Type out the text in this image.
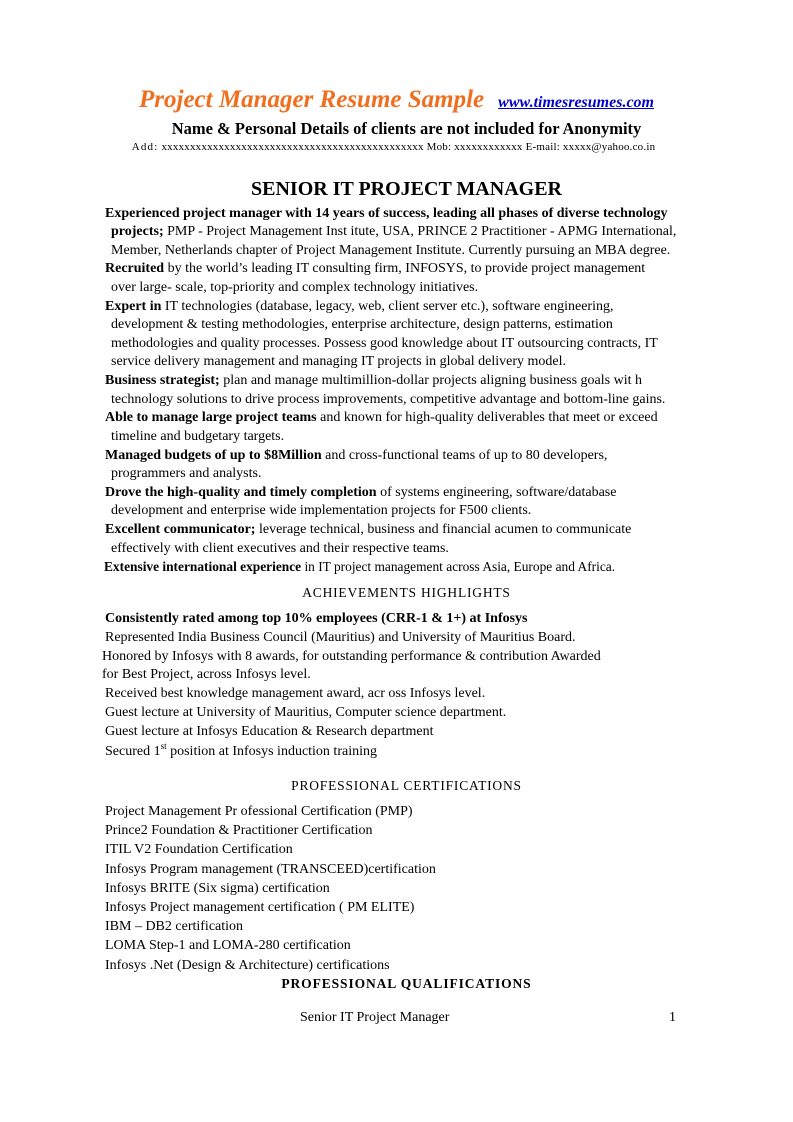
Project Manager Resume Sample www.timesresumes.com
Name & Personal Details of clients are not included for Anonymity
Add: xxxxxxxxxxxxxxxxxxxxxxxxxxxxxxxxxxxxxxxxxxxxxx Mob: xxxxxxxxxxxx E-mail: xxxxx@yahoo.co.in
SENIOR IT PROJECT MANAGER
Experienced project manager with 14 years of success, leading all phases of diverse technology
projects; PMP - Project Management Inst itute, USA, PRINCE 2 Practitioner - APMG International,
Member, Netherlands chapter of Project Management Institute. Currently pursuing an MBA degree.
Recruited by the world’s leading IT consulting firm, INFOSYS, to provide project management
over large- scale, top-priority and complex technology initiatives.
Expert in IT technologies (database, legacy, web, client server etc.), software engineering,
development & testing methodologies, enterprise architecture, design patterns, estimation
methodologies and quality processes. Possess good knowledge about IT outsourcing contracts, IT
service delivery management and managing IT projects in global delivery model.
Business strategist; plan and manage multimillion-dollar projects aligning business goals wit h
technology solutions to drive process improvements, competitive advantage and bottom-line gains.
Able to manage large project teams and known for high-quality deliverables that meet or exceed
timeline and budgetary targets.
Managed budgets of up to $8Million and cross-functional teams of up to 80 developers,
programmers and analysts.
Drove the high-quality and timely completion of systems engineering, software/database
development and enterprise wide implementation projects for F500 clients.
Excellent communicator; leverage technical, business and financial acumen to communicate
effectively with client executives and their respective teams.
Extensive international experience in IT project management across Asia, Europe and Africa.
ACHIEVEMENTS HIGHLIGHTS
Consistently rated among top 10% employees (CRR-1 & 1+) at Infosys
Represented India Business Council (Mauritius) and University of Mauritius Board.
Honored by Infosys with 8 awards, for outstanding performance & contribution Awarded
for Best Project, across Infosys level.
Received best knowledge management award, acr oss Infosys level.
Guest lecture at University of Mauritius, Computer science department.
Guest lecture at Infosys Education & Research department
Secured 1st position at Infosys induction training
PROFESSIONAL CERTIFICATIONS
Project Management Pr ofessional Certification (PMP)
Prince2 Foundation & Practitioner Certification
ITIL V2 Foundation Certification
Infosys Program management (TRANSCEED)certification
Infosys BRITE (Six sigma) certification
Infosys Project management certification ( PM ELITE)
IBM – DB2 certification
LOMA Step-1 and LOMA-280 certification
Infosys .Net (Design & Architecture) certifications
PROFESSIONAL QUALIFICATIONS
Senior IT Project Manager	1
